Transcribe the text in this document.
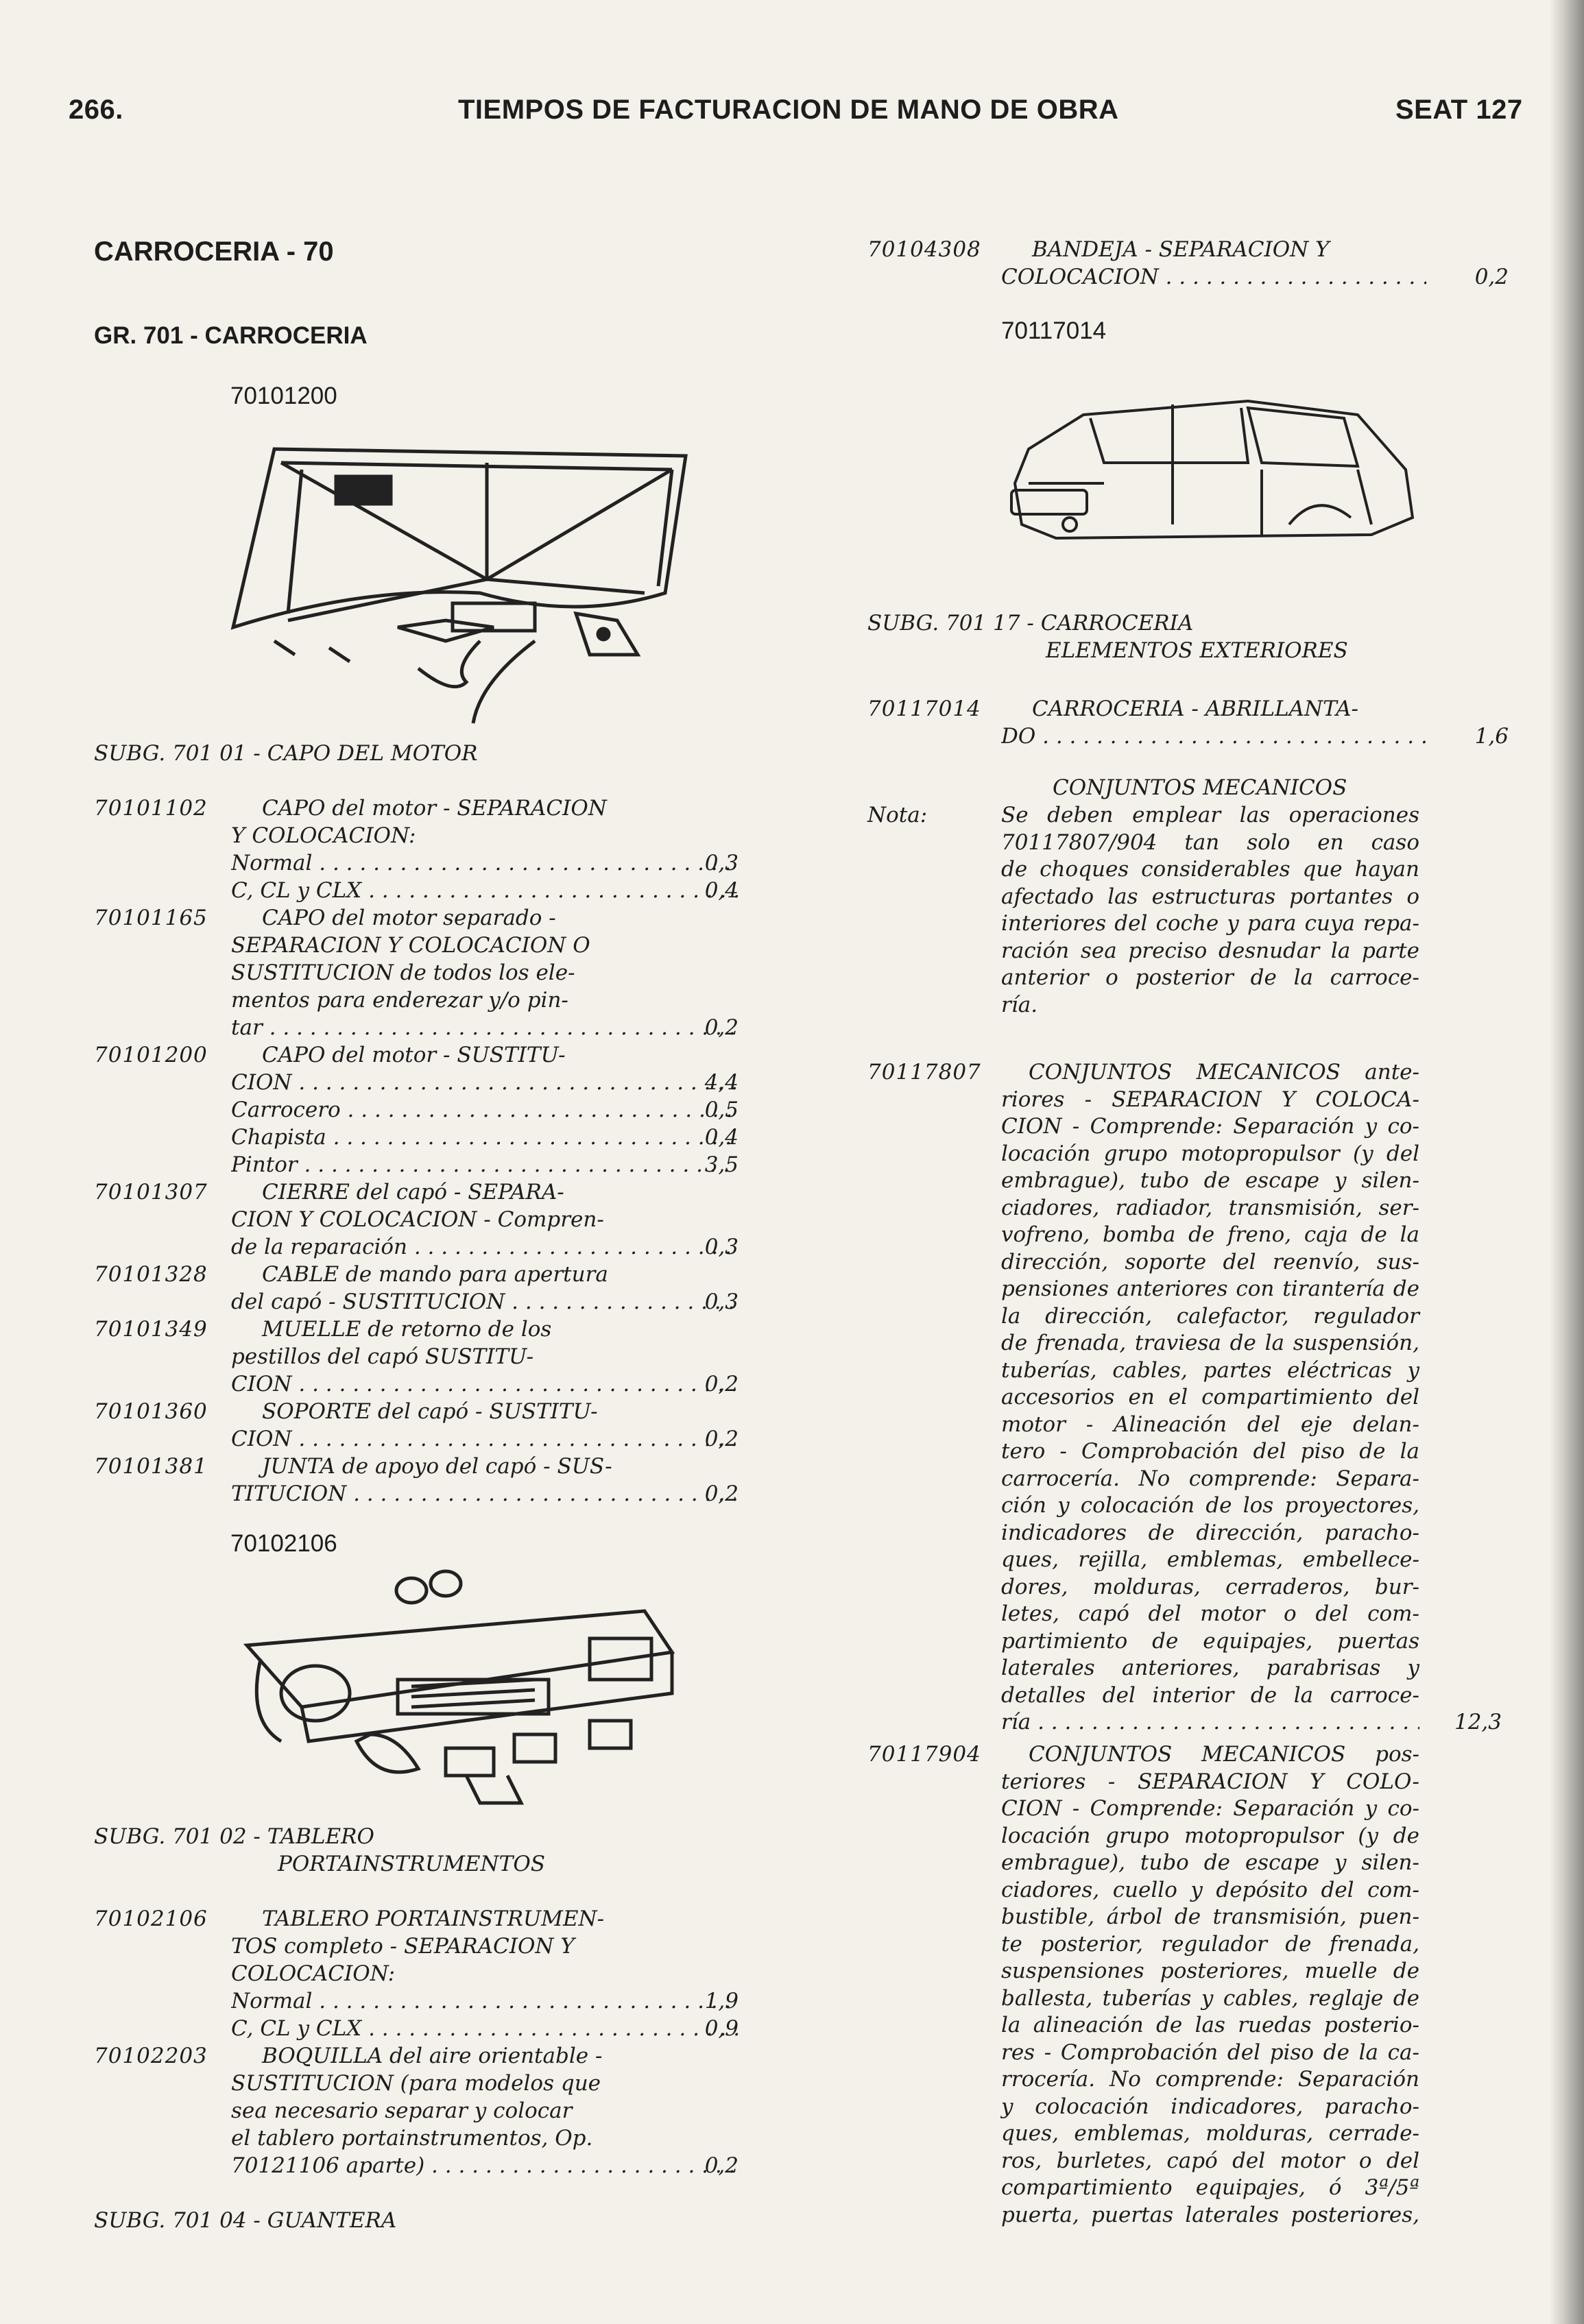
266.	TIEMPOS DE FACTURACION DE MANO DE OBRA	SEAT 127
CARROCERIA - 70
GR. 701 - CARROCERIA
70101200
SUBG. 701 01 - CAPO DEL MOTOR
70101102	CAPO del motor - SEPARACION
Y COLOCACION:
Normal . . .	0,3
C, CL y CLX . . .	0,4
70101165	CAPO del motor separado -
SEPARACION Y COLOCACION O
SUSTITUCION de todos los ele-
mentos para enderezar y/o pin-
tar . . .	0,2
70101200	CAPO del motor - SUSTITU-
CION . . .	4,4
Carrocero . . .	0,5
Chapista . . .	0,4
Pintor . . .	3,5
70101307	CIERRE del capó - SEPARA-
CION Y COLOCACION - Compren-
de la reparación . . .	0,3
70101328	CABLE de mando para apertura
del capó - SUSTITUCION . . .	0,3
70101349	MUELLE de retorno de los
pestillos del capó SUSTITU-
CION . . .	0,2
70101360	SOPORTE del capó - SUSTITU-
CION . . .	0,2
70101381	JUNTA de apoyo del capó - SUS-
TITUCION . . .	0,2
70102106
SUBG. 701 02 - TABLERO
PORTAINSTRUMENTOS
70102106	TABLERO PORTAINSTRUMEN-
TOS completo - SEPARACION Y
COLOCACION:
Normal . . .	1,9
C, CL y CLX . . .	0,9
70102203	BOQUILLA del aire orientable -
SUSTITUCION (para modelos que
sea necesario separar y colocar
el tablero portainstrumentos, Op.
70121106 aparte) . . .	0,2
SUBG. 701 04 - GUANTERA
70104308 BANDEJA - SEPARACION Y
COLOCACION . . .	0,2
70117014
SUBG. 701 17 - CARROCERIA
ELEMENTOS EXTERIORES
70117014 CARROCERIA - ABRILLANTA-
DO . . .	1,6
CONJUNTOS MECANICOS
Nota:	Se deben emplear las operaciones
70117807/904 tan solo en caso
de choques considerables que hayan
afectado las estructuras portantes o
interiores del coche y para cuya repa-
ración sea preciso desnudar la parte
anterior o posterior de la carroce-
ría.
70117807 CONJUNTOS MECANICOS ante-
riores - SEPARACION Y COLOCA-
CION - Comprende: Separación y co-
locación grupo motopropulsor (y del
embrague), tubo de escape y silen-
ciadores, radiador, transmisión, ser-
vofreno, bomba de freno, caja de la
dirección, soporte del reenvío, sus-
pensiones anteriores con tirantería de
la dirección, calefactor, regulador
de frenada, traviesa de la suspensión,
tuberías, cables, partes eléctricas y
accesorios en el compartimiento del
motor - Alineación del eje delan-
tero - Comprobación del piso de la
carrocería. No comprende: Separa-
ción y colocación de los proyectores,
indicadores de dirección, paracho-
ques, rejilla, emblemas, embellece-
dores, molduras, cerraderos, bur-
letes, capó del motor o del com-
partimiento de equipajes, puertas
laterales anteriores, parabrisas y
detalles del interior de la carroce-
ría . . .	12,3
70117904 CONJUNTOS MECANICOS pos-
teriores - SEPARACION Y COLO-
CION - Comprende: Separación y co-
locación grupo motopropulsor (y de
embrague), tubo de escape y silen-
ciadores, cuello y depósito del com-
bustible, árbol de transmisión, puen-
te posterior, regulador de frenada,
suspensiones posteriores, muelle de
ballesta, tuberías y cables, reglaje de
la alineación de las ruedas posterio-
res - Comprobación del piso de la ca-
rrocería. No comprende: Separación
y colocación indicadores, paracho-
ques, emblemas, molduras, cerrade-
ros, burletes, capó del motor o del
compartimiento equipajes, ó 3ª/5ª
puerta, puertas laterales posteriores,
